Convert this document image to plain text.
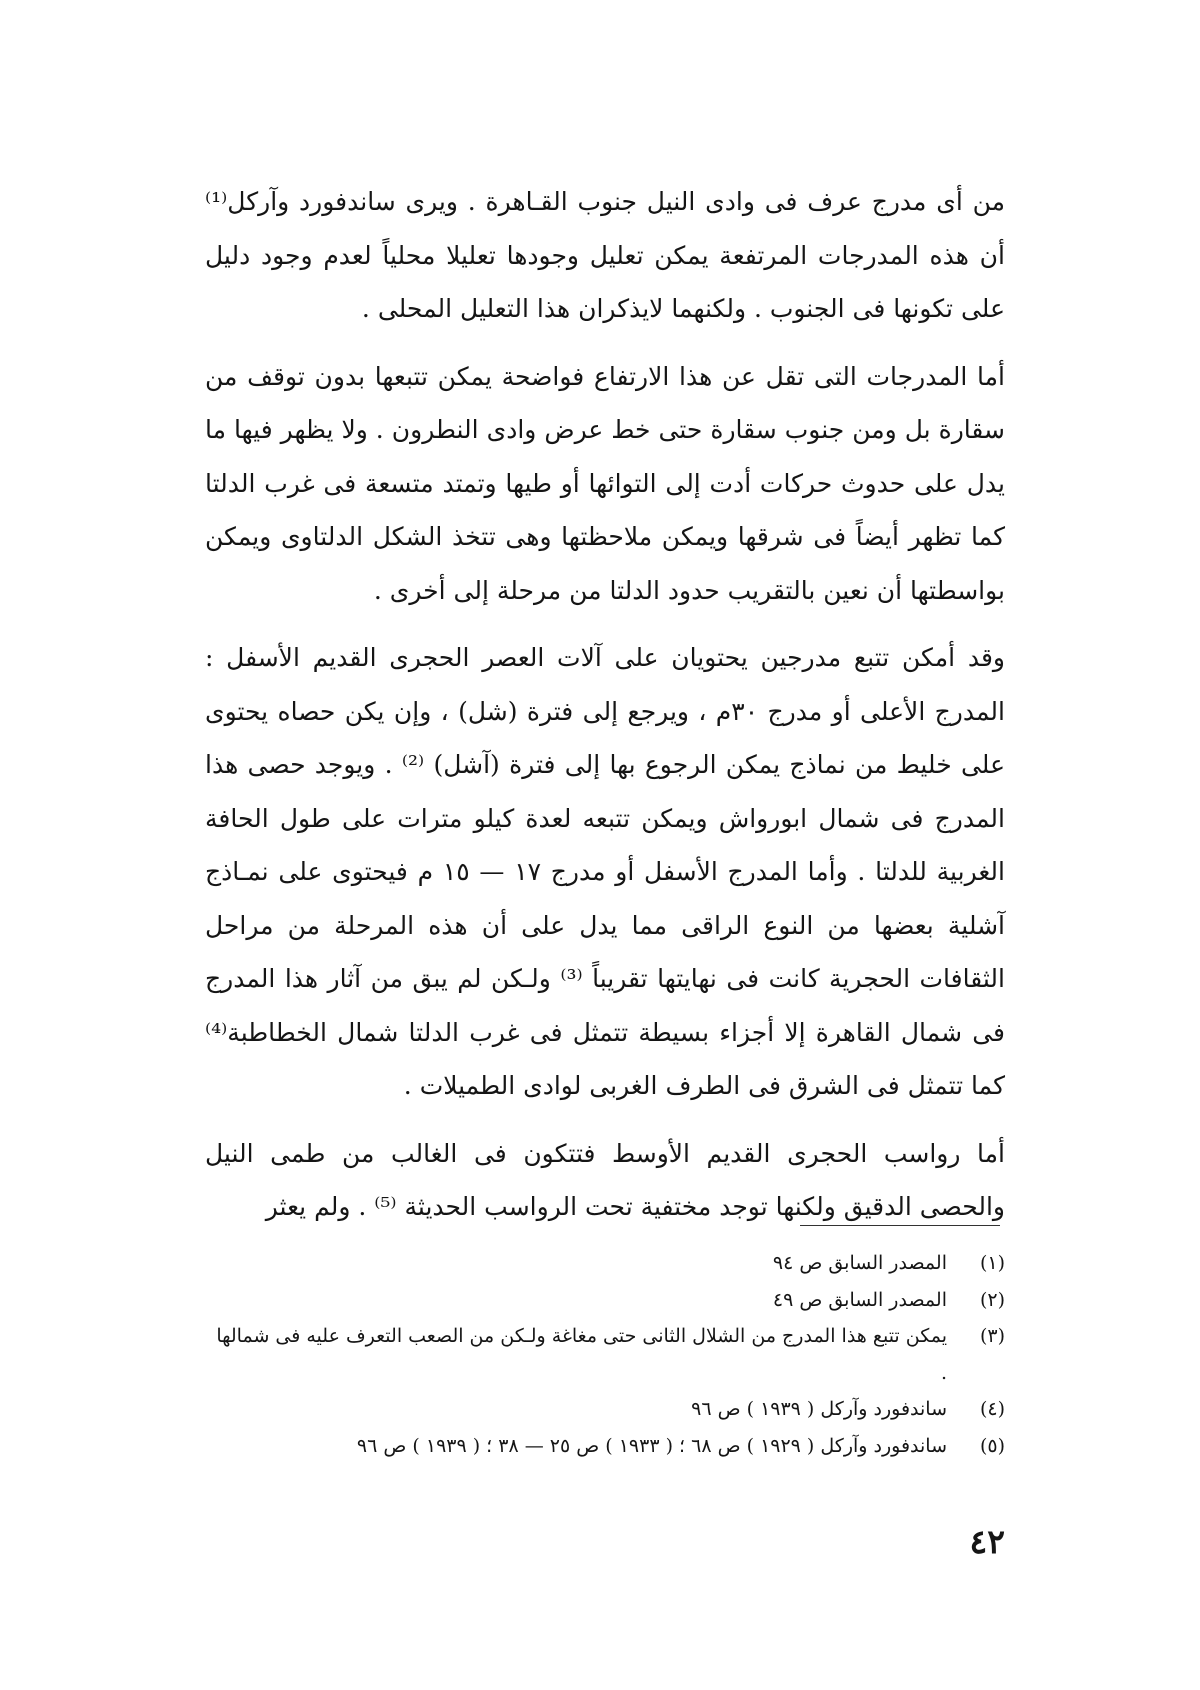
من أى مدرج عرف فى وادى النيل جنوب القـاهرة . ويرى ساندفورد وآركل⁽¹⁾ أن هذه المدرجات المرتفعة يمكن تعليل وجودها تعليلا محلياً لعدم وجود دليل على تكونها فى الجنوب . ولكنهما لايذكران هذا التعليل المحلى .

أما المدرجات التى تقل عن هذا الارتفاع فواضحة يمكن تتبعها بدون توقف من سقارة بل ومن جنوب سقارة حتى خط عرض وادى النطرون . ولا يظهر فيها ما يدل على حدوث حركات أدت إلى التوائها أو طيها وتمتد متسعة فى غرب الدلتا كما تظهر أيضاً فى شرقها ويمكن ملاحظتها وهى تتخذ الشكل الدلتاوى ويمكن بواسطتها أن نعين بالتقريب حدود الدلتا من مرحلة إلى أخرى .

وقد أمكن تتبع مدرجين يحتويان على آلات العصر الحجرى القديم الأسفل : المدرج الأعلى أو مدرج ٣٠م ، ويرجع إلى فترة (شل) ، وإن يكن حصاه يحتوى على خليط من نماذج يمكن الرجوع بها إلى فترة (آشل) ⁽²⁾ . ويوجد حصى هذا المدرج فى شمال ابورواش ويمكن تتبعه لعدة كيلو مترات على طول الحافة الغربية للدلتا . وأما المدرج الأسفل أو مدرج ١٧ — ١٥ م فيحتوى على نمـاذج آشلية بعضها من النوع الراقى مما يدل على أن هذه المرحلة من مراحل الثقافات الحجرية كانت فى نهايتها تقريباً ⁽³⁾ ولـكن لم يبق من آثار هذا المدرج فى شمال القاهرة إلا أجزاء بسيطة تتمثل فى غرب الدلتا شمال الخطاطبة⁽⁴⁾ كما تتمثل فى الشرق فى الطرف الغربى لوادى الطميلات .

أما رواسب الحجرى القديم الأوسط فتتكون فى الغالب من طمى النيل والحصى الدقيق ولكنها توجد مختفية تحت الرواسب الحديثة ⁽⁵⁾ . ولم يعثر

(١)
المصدر السابق ص ٩٤
(٢)
المصدر السابق ص ٤٩
(٣)
يمكن تتبع هذا المدرج من الشلال الثانى حتى مغاغة ولـكن من الصعب التعرف عليه فى شمالها .
(٤)
ساندفورد وآركل ( ١٩٣٩ ) ص ٩٦
(٥)
ساندفورد وآركل ( ١٩٢٩ ) ص ٦٨ ؛ ( ١٩٣٣ ) ص ٢٥ — ٣٨ ؛ ( ١٩٣٩ ) ص ٩٦
٤٢
